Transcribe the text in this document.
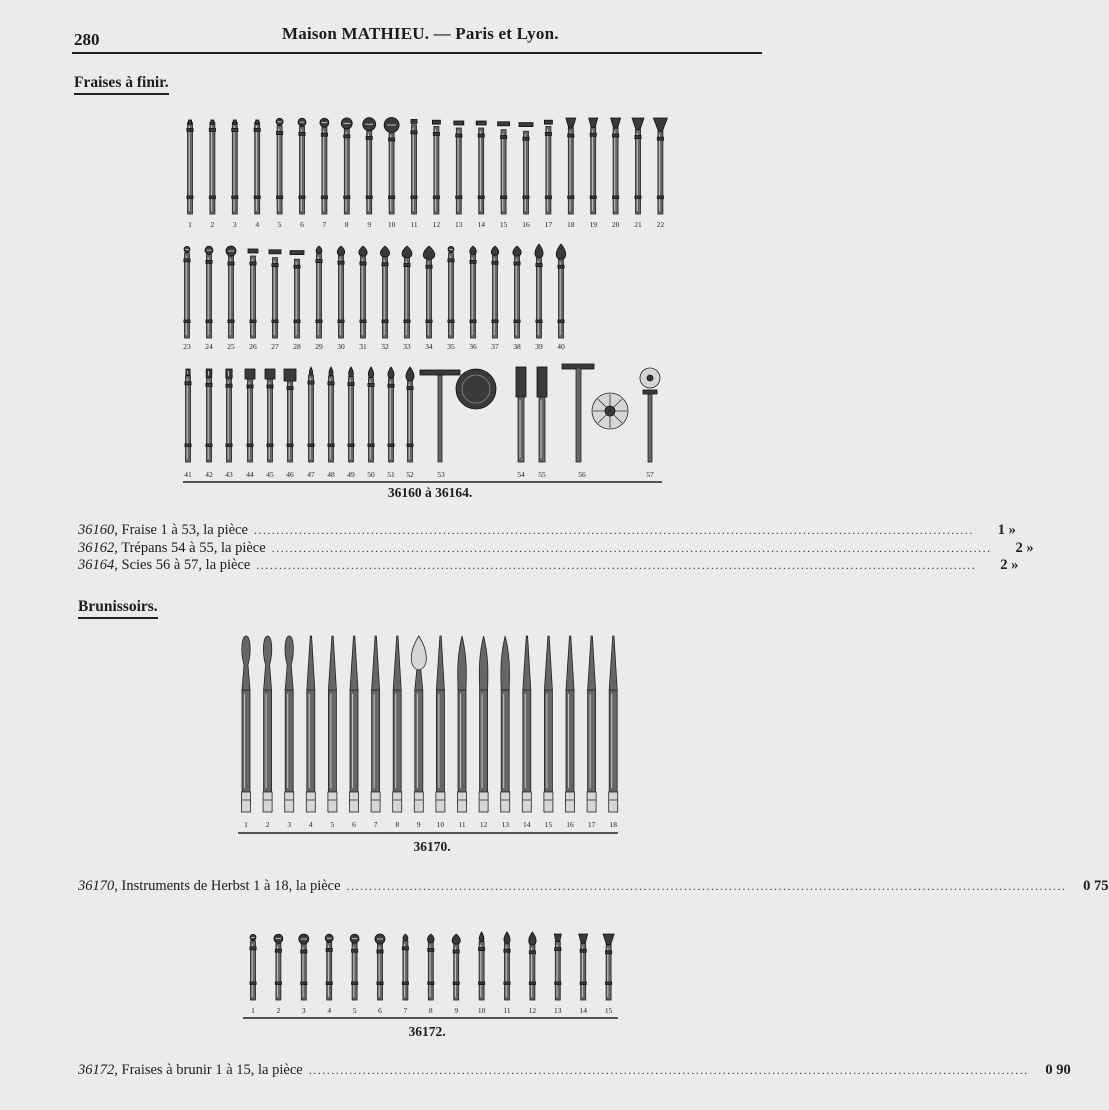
280	Maison MATHIEU. — Paris et Lyon.
Fraises à finir.
1 2 3 4 5 6 7 8 9 10 11 12 13 14 15 16 17 18 19 20 21 22
23 24 25 26 27 28 29 30 31 32 33 34 35 36 37 38 39 40
41 42 43 44 45 46 47 48 49 50 51 52	53	54 55	56	57
36160 à 36164.
36160 , Fraise 1 à 53, la pièce ................................................................................................................................................................	1 »
36162 , Trépans 54 à 55, la pièce ................................................................................................................................................................	2 »
36164 , Scies 56 à 57, la pièce ................................................................................................................................................................	2 »
Brunissoirs.
1 2 3 4 5 6 7 8 9 10 11 12 13 14 15 16 17 18
36170.
36170 , Instruments de Herbst 1 à 18, la pièce ................................................................................................................................................................	0 75
1	2	3	4	5	6	7	8	9	10 11 12 13 14 15
36172.
36172 , Fraises à brunir 1 à 15, la pièce ................................................................................................................................................................	0 90
